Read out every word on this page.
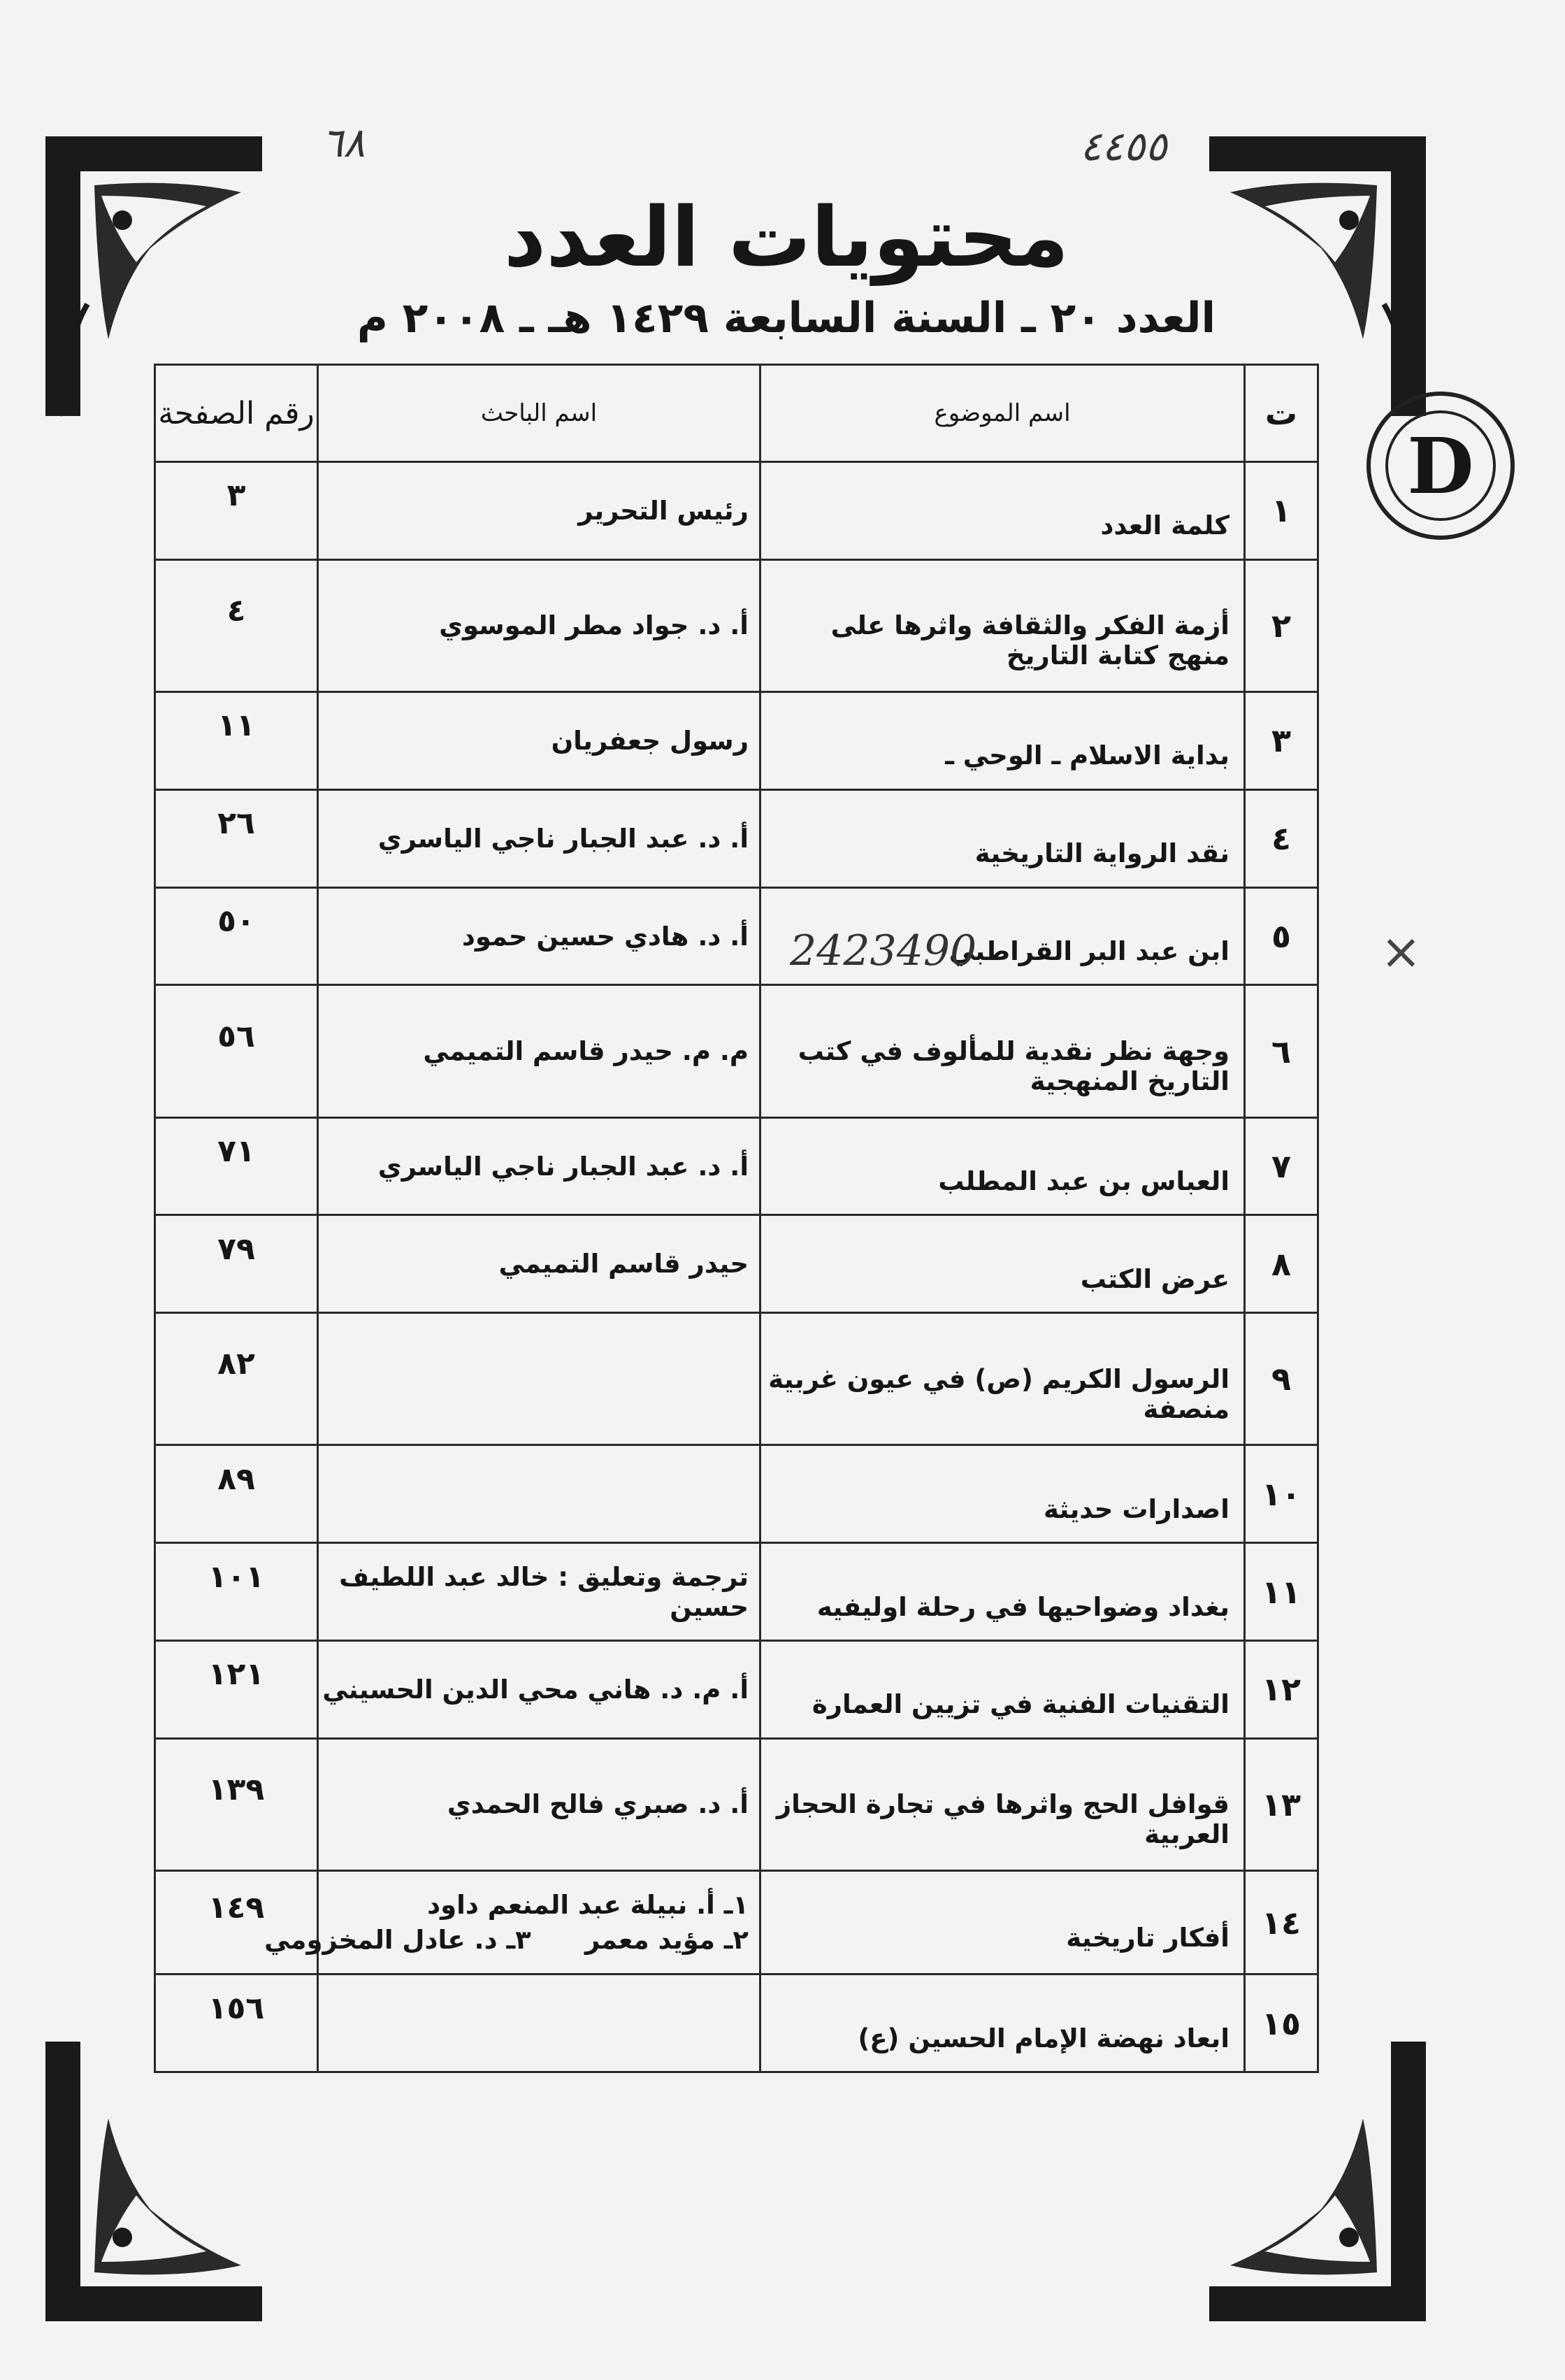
٦٨	٤٤٥٥
D
محتويات العدد
العدد ٢٠ ـ السنة السابعة ١٤٢٩ هـ ـ ٢٠٠٨ م
ت	اسم الموضوع	اسم الباحث	رقم الصفحة
١	كلمة العدد	رئيس التحرير	٣
٢	أزمة الفكر والثقافة واثرها على منهج كتابة التاريخ	أ. د. جواد مطر الموسوي	٤
٣	بداية الاسلام ـ الوحي ـ	رسول جعفريان	١١
٤	نقد الرواية التاريخية	أ. د. عبد الجبار ناجي الياسري	٢٦
٥	ابن عبد البر القراطبي	أ. د. هادي حسين حمود	٥٠
٦	وجهة نظر نقدية للمألوف في كتب التاريخ المنهجية	م. م. حيدر قاسم التميمي	٥٦
٧	العباس بن عبد المطلب	أ. د. عبد الجبار ناجي الياسري	٧١
٨	عرض الكتب	حيدر قاسم التميمي	٧٩
٩	الرسول الكريم (ص) في عيون غربية منصفة		٨٢
١٠	اصدارات حديثة		٨٩
١١	بغداد وضواحيها في رحلة اوليفيه	ترجمة وتعليق : خالد عبد اللطيف حسين	١٠١
١٢	التقنيات الفنية في تزيين العمارة	أ. م. د. هاني محي الدين الحسيني	١٢١
١٣	قوافل الحج واثرها في تجارة الحجاز العربية	أ. د. صبري فالح الحمدي	١٣٩
١٤	أفكار تاريخية	١ـ أ. نبيلة عبد المنعم داود
٢ـ مؤيد معمر      ٣ـ د. عادل المخزومي	١٤٩
١٥	ابعاد نهضة الإمام الحسين (ع)		١٥٦
2423490	×
